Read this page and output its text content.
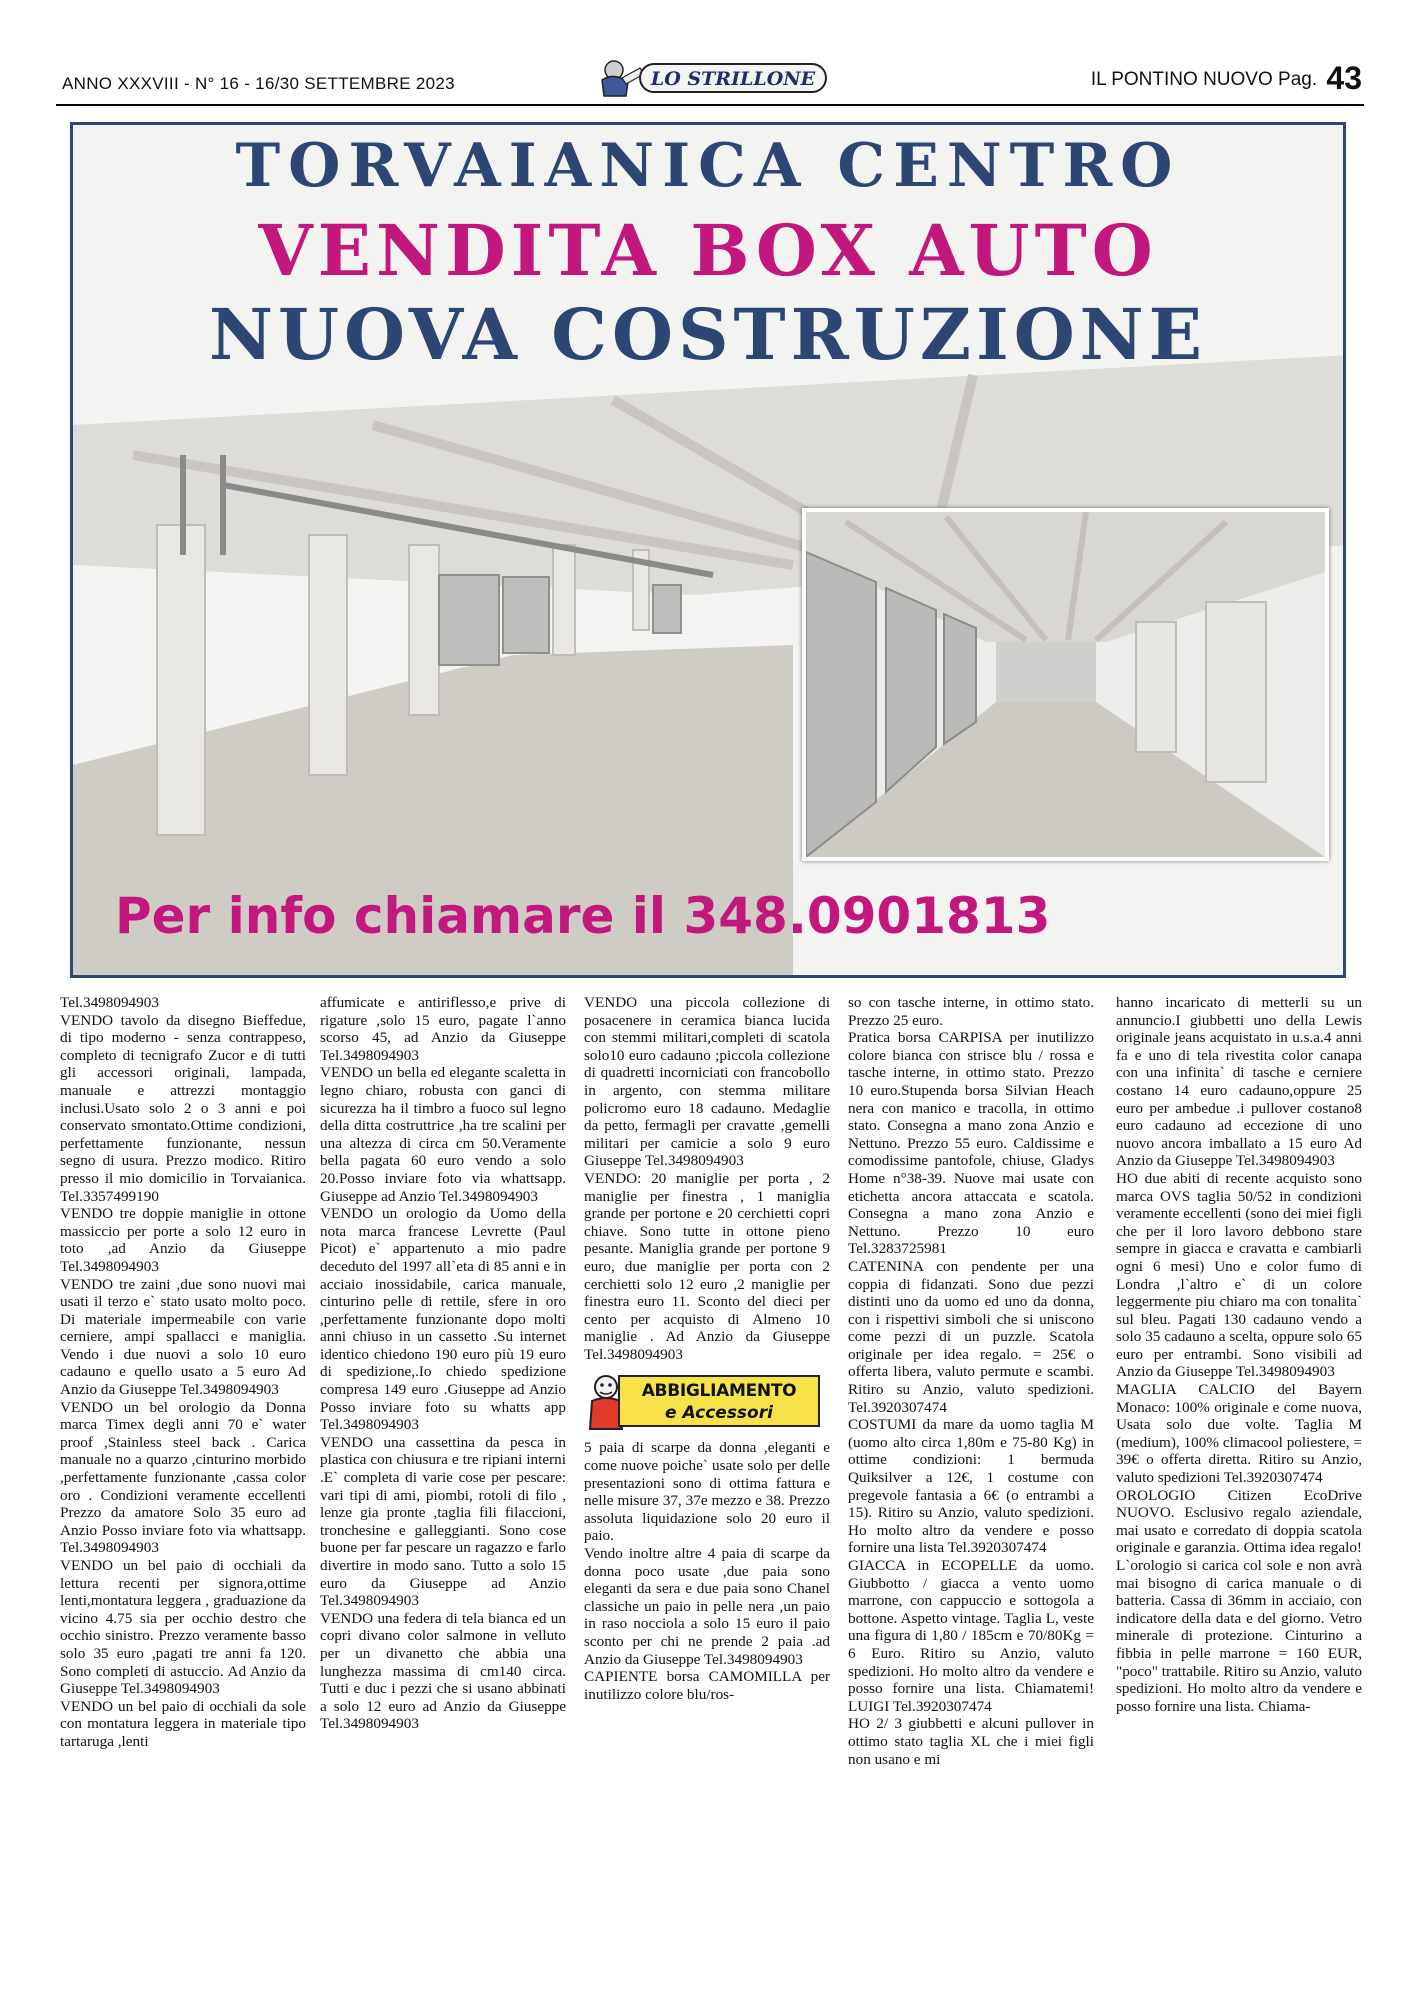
ANNO XXXVIII - N° 16 - 16/30 SETTEMBRE 2023	LO STRILLONE	IL PONTINO NUOVO Pag. 43
TORVAIANICA CENTRO
VENDITA BOX AUTO
NUOVA COSTRUZIONE
Per info chiamare il 348.0901813

Tel.3498094903

VENDO tavolo da disegno Bieffedue, di tipo moderno - senza contrappeso, completo di tecnigrafo Zucor e di tutti gli accessori originali, lampada, manuale e attrezzi montaggio inclusi.Usato solo 2 o 3 anni e poi conservato smontato.Ottime condizioni, perfettamente funzionante, nessun segno di usura. Prezzo modico. Ritiro presso il mio domicilio in Torvaianica. Tel.3357499190

VENDO tre doppie maniglie in ottone massiccio per porte a solo 12 euro in toto ,ad Anzio da Giuseppe Tel.3498094903

VENDO tre zaini ,due sono nuovi mai usati il terzo e` stato usato molto poco. Di materiale impermeabile con varie cerniere, ampi spallacci e maniglia. Vendo i due nuovi a solo 10 euro cadauno e quello usato a 5 euro Ad Anzio da Giuseppe Tel.3498094903

VENDO un bel orologio da Donna marca Timex degli anni 70 e` water proof ,Stainless steel back . Carica manuale no a quarzo ,cinturino morbido ,perfettamente funzionante ,cassa color oro . Condizioni veramente eccellenti Prezzo da amatore Solo 35 euro ad Anzio Posso inviare foto via whattsapp. Tel.3498094903

VENDO un bel paio di occhiali da lettura recenti per signora,ottime lenti,montatura leggera , graduazione da vicino 4.75 sia per occhio destro che occhio sinistro. Prezzo veramente basso solo 35 euro ,pagati tre anni fa 120. Sono completi di astuccio. Ad Anzio da Giuseppe Tel.3498094903

VENDO un bel paio di occhiali da sole con montatura leggera in materiale tipo tartaruga ,lenti

affumicate e antiriflesso,e prive di rigature ,solo 15 euro, pagate l`anno scorso 45, ad Anzio da Giuseppe Tel.3498094903

VENDO un bella ed elegante scaletta in legno chiaro, robusta con ganci di sicurezza ha il timbro a fuoco sul legno della ditta costruttrice ,ha tre scalini per una altezza di circa cm 50.Veramente bella pagata 60 euro vendo a solo 20.Posso inviare foto via whattsapp. Giuseppe ad Anzio Tel.3498094903

VENDO un orologio da Uomo della nota marca francese Levrette (Paul Picot) e` appartenuto a mio padre deceduto del 1997 all`eta di 85 anni e in acciaio inossidabile, carica manuale, cinturino pelle di rettile, sfere in oro ,perfettamente funzionante dopo molti anni chiuso in un cassetto .Su internet identico chiedono 190 euro più 19 euro di spedizione,.Io chiedo spedizione compresa 149 euro .Giuseppe ad Anzio Posso inviare foto su whatts app Tel.3498094903

VENDO una cassettina da pesca in plastica con chiusura e tre ripiani interni .E` completa di varie cose per pescare: vari tipi di ami, piombi, rotoli di filo , lenze gia pronte ,taglia fili filaccioni, tronchesine e galleggianti. Sono cose buone per far pescare un ragazzo e farlo divertire in modo sano. Tutto a solo 15 euro da Giuseppe ad Anzio Tel.3498094903

VENDO una federa di tela bianca ed un copri divano color salmone in velluto per un divanetto che abbia una lunghezza massima di cm140 circa. Tutti e duc i pezzi che si usano abbinati a solo 12 euro ad Anzio da Giuseppe Tel.3498094903

VENDO una piccola collezione di posacenere in ceramica bianca lucida con stemmi militari,completi di scatola solo10 euro cadauno ;piccola collezione di quadretti incorniciati con francobollo in argento, con stemma militare policromo euro 18 cadauno. Medaglie da petto, fermagli per cravatte ,gemelli militari per camicie a solo 9 euro Giuseppe Tel.3498094903

VENDO: 20 maniglie per porta , 2 maniglie per finestra , 1 maniglia grande per portone e 20 cerchietti copri chiave. Sono tutte in ottone pieno pesante. Maniglia grande per portone 9 euro, due maniglie per porta con 2 cerchietti solo 12 euro ,2 maniglie per finestra euro 11. Sconto del dieci per cento per acquisto di Almeno 10 maniglie . Ad Anzio da Giuseppe Tel.3498094903

ABBIGLIAMENTO
e Accessori

5 paia di scarpe da donna ,eleganti e come nuove poiche` usate solo per delle presentazioni sono di ottima fattura e nelle misure 37, 37e mezzo e 38. Prezzo assoluta liquidazione solo 20 euro il paio.

Vendo inoltre altre 4 paia di scarpe da donna poco usate ,due paia sono eleganti da sera e due paia sono Chanel classiche un paio in pelle nera ,un paio in raso nocciola a solo 15 euro il paio sconto per chi ne prende 2 paia .ad Anzio da Giuseppe Tel.3498094903

CAPIENTE borsa CAMOMILLA per inutilizzo colore blu/ros-

so con tasche interne, in ottimo stato. Prezzo 25 euro.

Pratica borsa CARPISA per inutilizzo colore bianca con strisce blu / rossa e tasche interne, in ottimo stato. Prezzo 10 euro.Stupenda borsa Silvian Heach nera con manico e tracolla, in ottimo stato. Consegna a mano zona Anzio e Nettuno. Prezzo 55 euro. Caldissime e comodissime pantofole, chiuse, Gladys Home n°38-39. Nuove mai usate con etichetta ancora attaccata e scatola. Consegna a mano zona Anzio e Nettuno. Prezzo 10 euro Tel.3283725981

CATENINA con pendente per una coppia di fidanzati. Sono due pezzi distinti uno da uomo ed uno da donna, con i rispettivi simboli che si uniscono come pezzi di un puzzle. Scatola originale per idea regalo. = 25€ o offerta libera, valuto permute e scambi. Ritiro su Anzio, valuto spedizioni. Tel.3920307474

COSTUMI da mare da uomo taglia M (uomo alto circa 1,80m e 75-80 Kg) in ottime condizioni: 1 bermuda Quiksilver a 12€, 1 costume con pregevole fantasia a 6€ (o entrambi a 15). Ritiro su Anzio, valuto spedizioni. Ho molto altro da vendere e posso fornire una lista Tel.3920307474

GIACCA in ECOPELLE da uomo. Giubbotto / giacca a vento uomo marrone, con cappuccio e sottogola a bottone. Aspetto vintage. Taglia L, veste una figura di 1,80 / 185cm e 70/80Kg = 6 Euro. Ritiro su Anzio, valuto spedizioni. Ho molto altro da vendere e posso fornire una lista. Chiamatemi! LUIGI Tel.3920307474

HO 2/ 3 giubbetti e alcuni pullover in ottimo stato taglia XL che i miei figli non usano e mi

hanno incaricato di metterli su un annuncio.I giubbetti uno della Lewis originale jeans acquistato in u.s.a.4 anni fa e uno di tela rivestita color canapa con una infinita` di tasche e cerniere costano 14 euro cadauno,oppure 25 euro per ambedue .i pullover costano8 euro cadauno ad eccezione di uno nuovo ancora imballato a 15 euro Ad Anzio da Giuseppe Tel.3498094903

HO due abiti di recente acquisto sono marca OVS taglia 50/52 in condizioni veramente eccellenti (sono dei miei figli che per il loro lavoro debbono stare sempre in giacca e cravatta e cambiarli ogni 6 mesi) Uno e color fumo di Londra ,l`altro e` di un colore leggermente piu chiaro ma con tonalita` sul bleu. Pagati 130 cadauno vendo a solo 35 cadauno a scelta, oppure solo 65 euro per entrambi. Sono visibili ad Anzio da Giuseppe Tel.3498094903

MAGLIA CALCIO del Bayern Monaco: 100% originale e come nuova, Usata solo due volte. Taglia M (medium), 100% climacool poliestere, = 39€ o offerta diretta. Ritiro su Anzio, valuto spedizioni Tel.3920307474

OROLOGIO Citizen EcoDrive NUOVO. Esclusivo regalo aziendale, mai usato e corredato di doppia scatola originale e garanzia. Ottima idea regalo! L`orologio si carica col sole e non avrà mai bisogno di carica manuale o di batteria. Cassa di 36mm in acciaio, con indicatore della data e del giorno. Vetro minerale di protezione. Cinturino a fibbia in pelle marrone = 160 EUR, "poco" trattabile. Ritiro su Anzio, valuto spedizioni. Ho molto altro da vendere e posso fornire una lista. Chiama-
